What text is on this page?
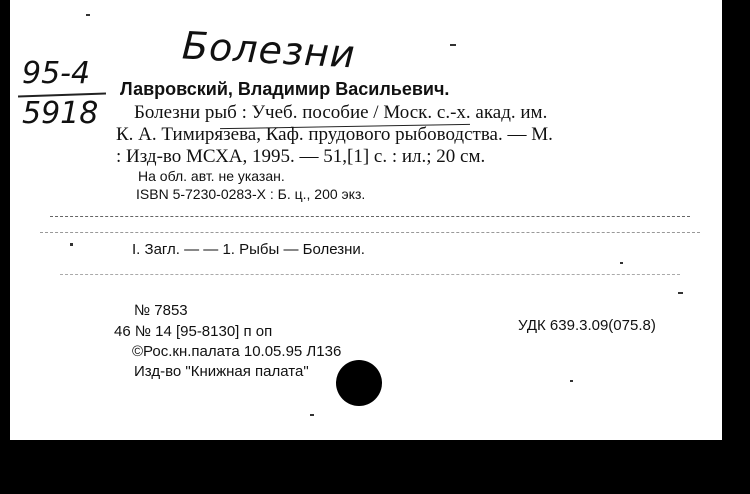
Болезни
95-4
5918
Лавровский, Владимир Васильевич.
Болезни рыб : Учеб. пособие / Моск. с.-х. акад. им.
К. А. Тимирязева, Каф. прудового рыбоводства. — М.
: Изд-во МСХА, 1995. — 51,[1] с. : ил.; 20 см.
На обл. авт. не указан.
ISBN 5-7230-0283-X : Б. ц., 200 экз.
I. Загл. — — 1. Рыбы — Болезни.
№ 7853
46 № 14 [95-8130] п оп
©Рос.кн.палата 10.05.95 Л136
Изд-во "Книжная палата"
УДК 639.3.09(075.8)
